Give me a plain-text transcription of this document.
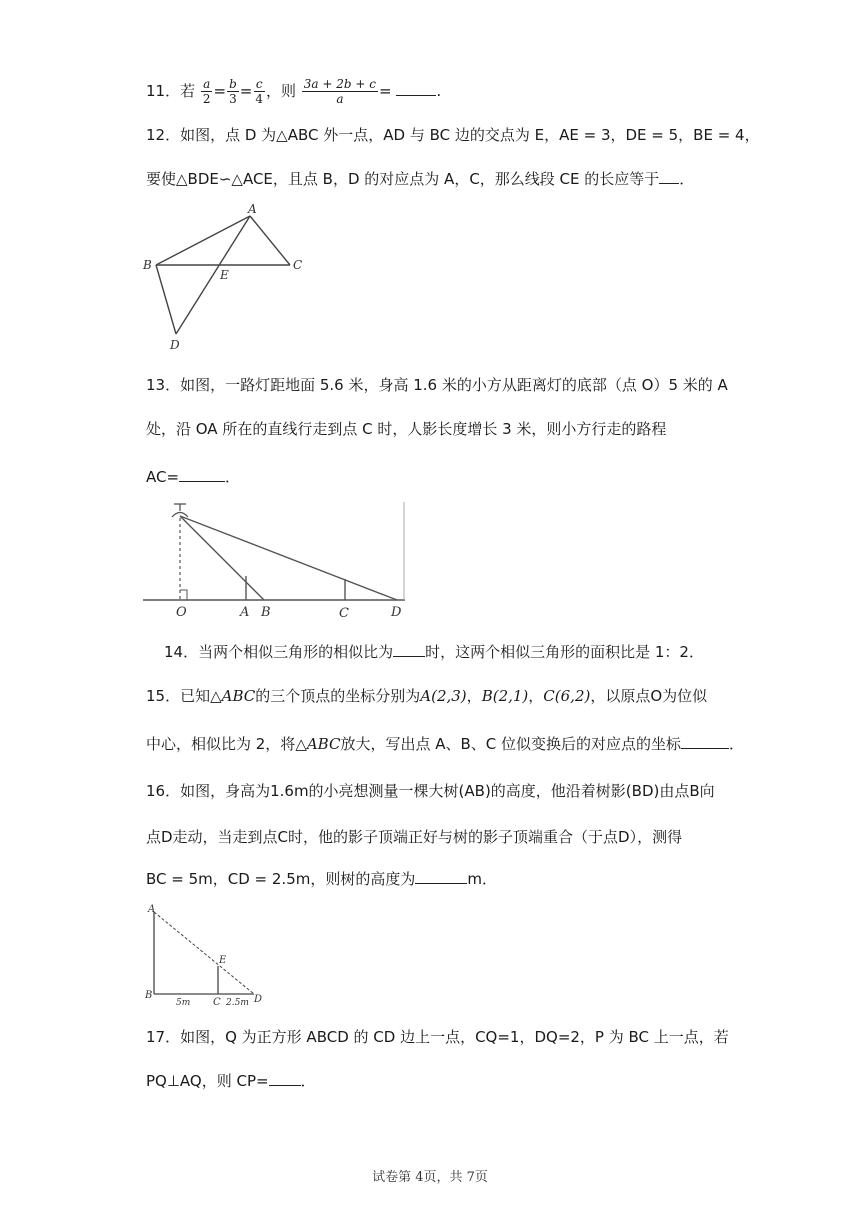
11．若 $\frac{a}{2} = \frac{b}{3} = \frac{c}{4}$ ，则 $\frac{3a + 2b + c}{a}$ =	.
12．如图，点 D 为△ABC 外一点，AD 与 BC 边的交点为 E，AE = 3，DE = 5，BE = 4，
要使△BDE∽△ACE，且点 B，D 的对应点为 A，C，那么线段 CE 的长应等于 ．
A
B	C
E
D
13．如图，一路灯距地面 5.6 米，身高 1.6 米的小方从距离灯的底部（点 O）5 米的 A
处，沿 OA 所在的直线行走到点 C 时，人影长度增长 3 米，则小方行走的路程
AC=	．
O	A B	C	D
14．当两个相似三角形的相似比为 时，这两个相似三角形的面积比是 1：2．
15．已知△ABC的三个顶点的坐标分别为A(2,3)，B(2,1)，C(6,2)，以原点O为位似
中心，相似比为 2，将△ABC放大，写出点 A、B、C 位似变换后的对应点的坐标	．
16．如图，身高为1.6m的小亮想测量一棵大树(AB)的高度，他沿着树影(BD)由点B向
点D走动，当走到点C时，他的影子顶端正好与树的影子顶端重合（于点D），测得
BC = 5m，CD = 2.5m，则树的高度为	m．
A
B
E
C	D
5m	2.5m
17．如图，Q 为正方形 ABCD 的 CD 边上一点，CQ=1，DQ=2，P 为 BC 上一点，若
PQ⊥AQ，则 CP= ．
试卷第 4页，共 7页
